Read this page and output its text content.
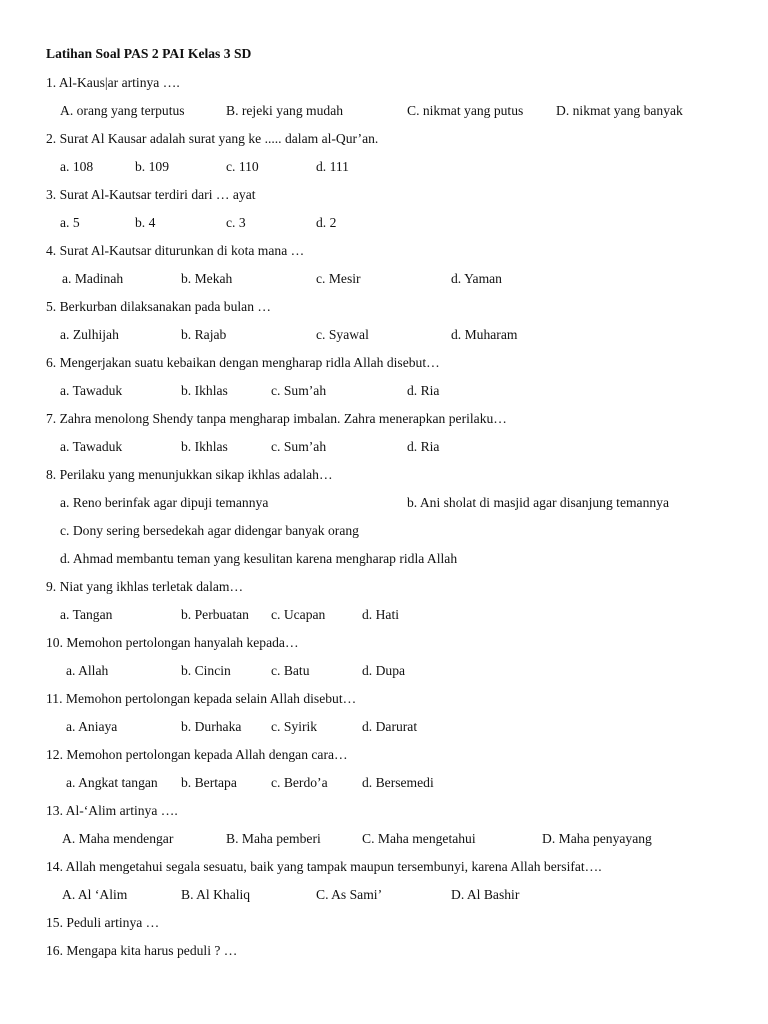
Latihan Soal PAS 2 PAI Kelas 3 SD
1. Al-Kaus|ar artinya ….
A. orang yang terputus	B. rejeki yang mudah	C. nikmat yang putus D. nikmat yang banyak
2. Surat Al Kausar adalah surat yang ke ..... dalam al-Qur’an.
a. 108	b. 109	c. 110	d. 111
3. Surat Al-Kautsar terdiri dari … ayat
a. 5	b. 4	c. 3	d. 2
4. Surat Al-Kautsar diturunkan di kota mana …
a. Madinah	b. Mekah	c. Mesir	d. Yaman
5. Berkurban dilaksanakan pada bulan …
a. Zulhijah	b. Rajab	c. Syawal	d. Muharam
6. Mengerjakan suatu kebaikan dengan mengharap ridla Allah disebut…
a. Tawaduk	b. Ikhlas	c. Sum’ah	d. Ria
7. Zahra menolong Shendy tanpa mengharap imbalan. Zahra menerapkan perilaku…
a. Tawaduk	b. Ikhlas	c. Sum’ah	d. Ria
8. Perilaku yang menunjukkan sikap ikhlas adalah…
a. Reno berinfak agar dipuji temannya	b. Ani sholat di masjid agar disanjung temannya
c. Dony sering bersedekah agar didengar banyak orang
d. Ahmad membantu teman yang kesulitan karena mengharap ridla Allah
9. Niat yang ikhlas terletak dalam…
a. Tangan	b. Perbuatan c. Ucapan	d. Hati
10. Memohon pertolongan hanyalah kepada…
a. Allah	b. Cincin	c. Batu	d. Dupa
11. Memohon pertolongan kepada selain Allah disebut…
a. Aniaya	b. Durhaka c. Syirik	d. Darurat
12. Memohon pertolongan kepada Allah dengan cara…
a. Angkat tangan b. Bertapa	c. Berdo’a	d. Bersemedi
13. Al-‘Alim artinya ….
A. Maha mendengar	B. Maha pemberi	C. Maha mengetahui	D. Maha penyayang
14. Allah mengetahui segala sesuatu, baik yang tampak maupun tersembunyi, karena Allah bersifat….
A. Al ‘Alim	B. Al Khaliq	C. As Sami’	D. Al Bashir
15. Peduli artinya …
16. Mengapa kita harus peduli ? …
